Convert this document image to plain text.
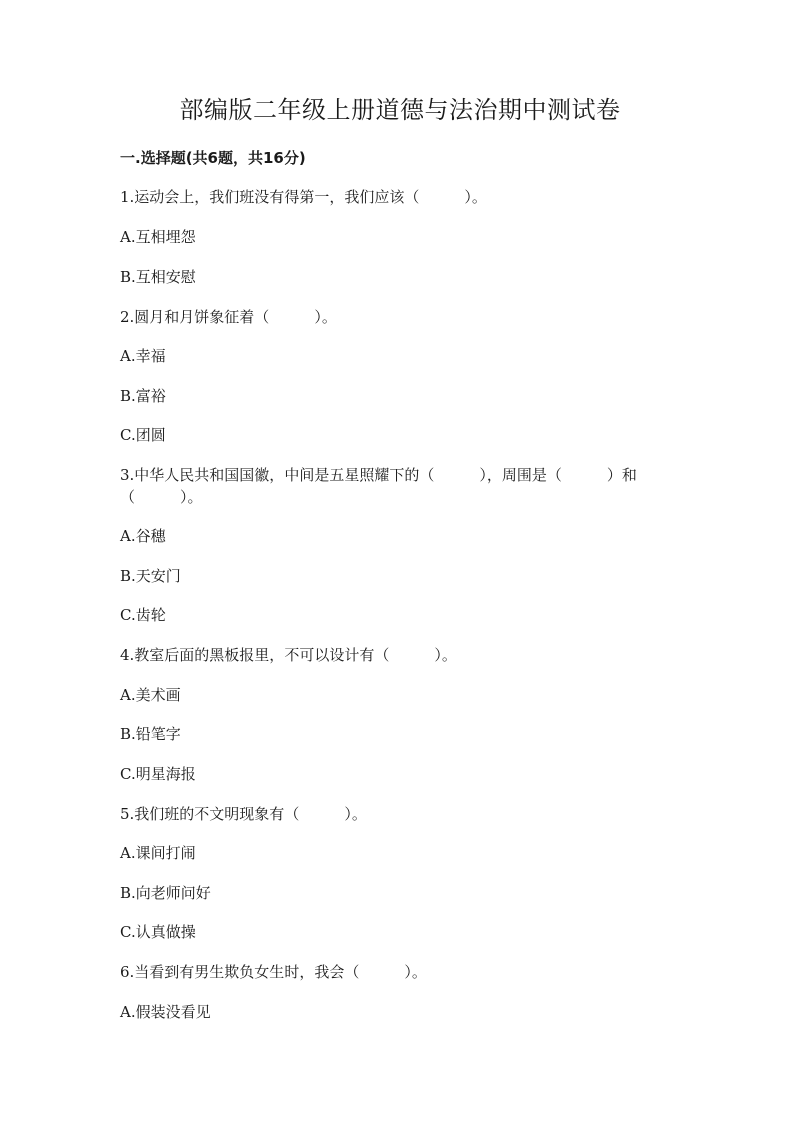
部编版二年级上册道德与法治期中测试卷
一.选择题(共6题，共16分)
1.运动会上，我们班没有得第一，我们应该（　　　）。
A.互相埋怨
B.互相安慰
2.圆月和月饼象征着（　　　）。
A.幸福
B.富裕
C.团圆
3.中华人民共和国国徽，中间是五星照耀下的（　　　），周围是（　　　）和
（　　　）。
A.谷穗
B.天安门
C.齿轮
4.教室后面的黑板报里，不可以设计有（　　　）。
A.美术画
B.铅笔字
C.明星海报
5.我们班的不文明现象有（　　　）。
A.课间打闹
B.向老师问好
C.认真做操
6.当看到有男生欺负女生时，我会（　　　）。
A.假装没看见
